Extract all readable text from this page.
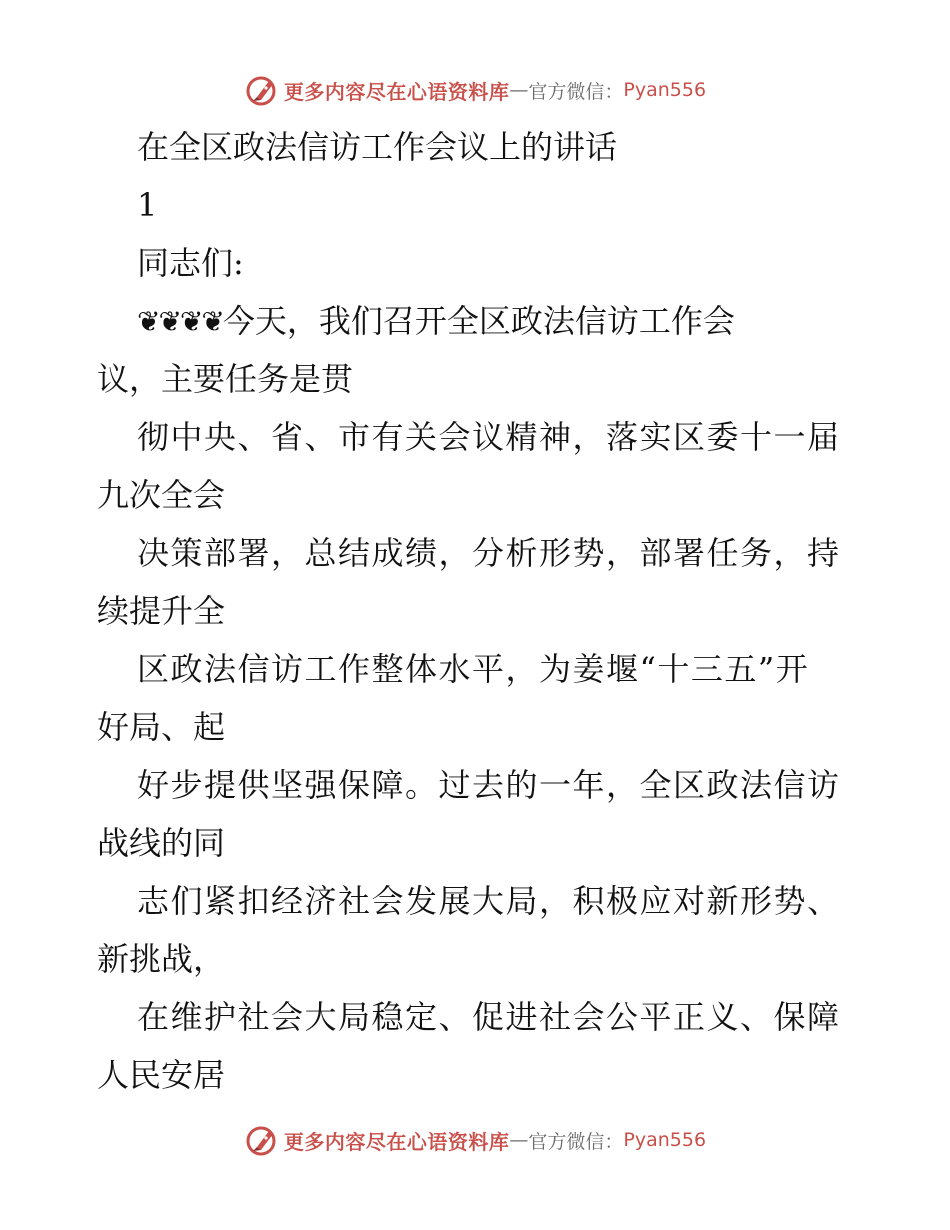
更多内容尽在心语资料库 — 官方微信： Pyan556
在全区政法信访工作会议上的讲话
1
同志们:
❦❦❦❦今天，我们召开全区政法信访工作会
议，主要任务是贯
彻中央、省、市有关会议精神，落实区委十一届
九次全会
决策部署，总结成绩，分析形势，部署任务，持
续提升全
区政法信访工作整体水平，为姜堰“十三五”开
好局、起
好步提供坚强保障。过去的一年，全区政法信访
战线的同
志们紧扣经济社会发展大局，积极应对新形势、
新挑战，
在维护社会大局稳定、促进社会公平正义、保障
人民安居
更多内容尽在心语资料库 — 官方微信： Pyan556
